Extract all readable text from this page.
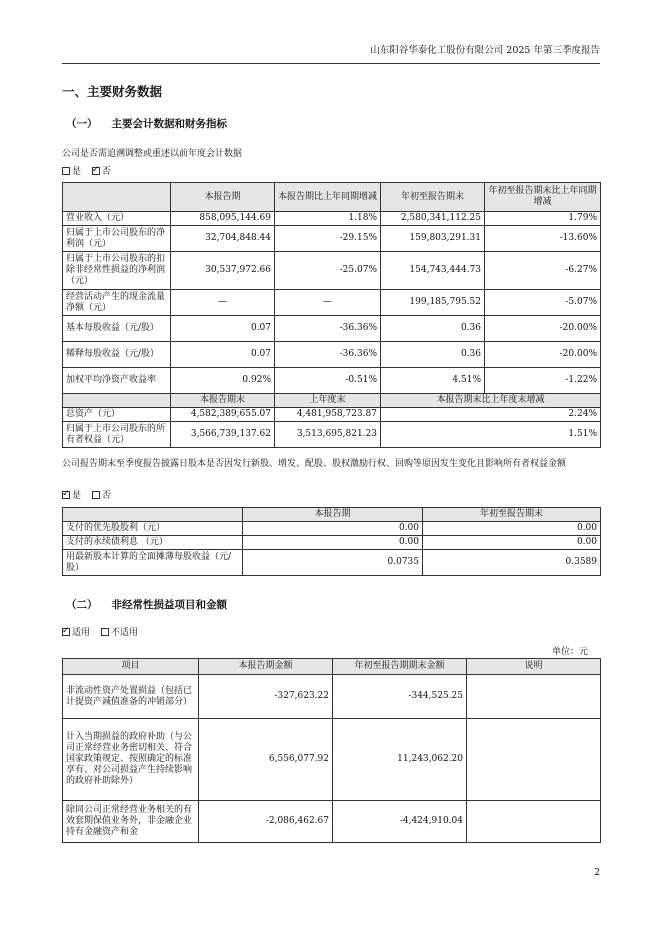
山东阳谷华泰化工股份有限公司 2025 年第三季度报告
一、主要财务数据
（一） 主要会计数据和财务指标
公司是否需追溯调整或重述以前年度会计数据
是 ✓ 否
	本报告期	本报告期比上年同期增减	年初至报告期末	年初至报告期末比上年同期增减
营业收入（元）	858,095,144.69	1.18%	2,580,341,112.25	1.79%
归属于上市公司股东的净利润（元）	32,704,848.44	-29.15%	159,803,291.31	-13.60%
归属于上市公司股东的扣除非经常性损益的净利润（元）	30,537,972.66	-25.07%	154,743,444.73	-6.27%
经营活动产生的现金流量净额（元）	—	—	199,185,795.52	-5.07%
基本每股收益（元/股）	0.07	-36.36%	0.36	-20.00%
稀释每股收益（元/股）	0.07	-36.36%	0.36	-20.00%
加权平均净资产收益率	0.92%	-0.51%	4.51%	-1.22%
	本报告期末	上年度末	本报告期末比上年度末增减	
总资产（元）	4,582,389,655.07	4,481,958,723.87	2.24%	
归属于上市公司股东的所有者权益（元）	3,566,739,137.62	3,513,695,821.23	1.51%	
公司报告期末至季度报告披露日股本是否因发行新股、增发、配股、股权激励行权、回购等原因发生变化且影响所有者权益金额
✓是 否
	本报告期	年初至报告期末
支付的优先股股利（元）	0.00	0.00
支付的永续债利息 （元）	0.00	0.00
用最新股本计算的全面摊薄每股收益（元/股）	0.0735	0.3589
（二） 非经常性损益项目和金额
✓适用 不适用
单位：元
项目	本报告期金额	年初至报告期期末金额	说明
非流动性资产处置损益（包括已计提资产减值准备的冲销部分）	-327,623.22	-344,525.25	
计入当期损益的政府补助（与公司正常经营业务密切相关、符合国家政策规定、按照确定的标准享有、对公司损益产生持续影响的政府补助除外）	6,556,077.92	11,243,062.20	
除同公司正常经营业务相关的有效套期保值业务外，非金融企业持有金融资产和金	-2,086,462.67	-4,424,910.04	
2
